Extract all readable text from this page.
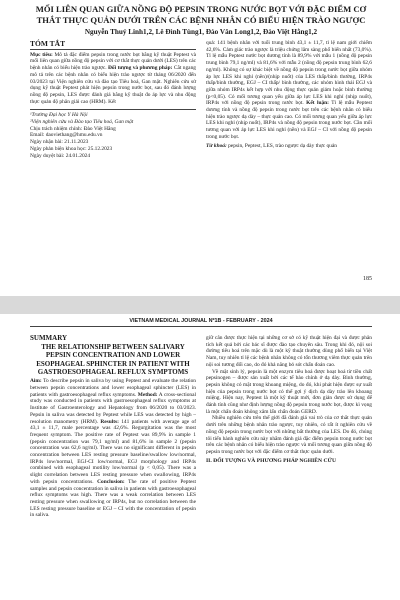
MỐI LIÊN QUAN GIỮA NỒNG ĐỘ PEPSIN TRONG NƯỚC BỌT VỚI ĐẶC ĐIỂM CƠ THẮT THỰC QUẢN DƯỚI TRÊN CÁC BỆNH NHÂN CÓ BIỂU HIỆN TRÀO NGƯỢC
Nguyễn Thuý Linh1,2, Lê Đình Tùng1, Đào Văn Long1,2, Đào Việt Hằng1,2
TÓM TẮT
Mục tiêu: Mô tả đặc điểm pepsin trong nước bọt bằng kỹ thuật Peptest và mối liên quan giữa nồng độ pepsin với cơ thắt thực quản dưới (LES) trên các bệnh nhân có biểu hiện trào ngược. Đối tượng và phương pháp: Cắt ngang mô tả trên các bệnh nhân có biểu hiện trào ngược từ tháng 06/2020 đến 03/2023 tại Viện nghiên cứu và đào tạo Tiêu hoá, Gan mật. Nghiên cứu sử dụng kỹ thuật Peptest phát hiện pepsin trong nước bọt, sau đó đánh lượng nồng độ pepsin, LES được đánh giá bằng kỹ thuật đo áp lực và nhu động thực quản độ phân giải cao (HRM). Kết
¹Trường Đại học Y Hà Nội
²Viện nghiên cứu và Đào tạo Tiêu hoá, Gan mật
Chịu trách nhiệm chính: Đào Việt Hằng
Email: daoviethang@hmu.edu.vn
Ngày nhận bài: 21.11.2023
Ngày phản biện khoa học: 25.12.2023
Ngày duyệt bài: 24.01.2024
quả: 141 bệnh nhân với tuổi trung bình 43,1 ± 11,7, tỉ lệ nam giới chiếm 42,6%. Cảm giác trào ngược là triệu chứng lâm sàng phổ biến nhất (73,0%). Tỉ lệ mẫu Peptest nước bọt dương tính là 89,9% với mẫu 1 (nồng độ pepsin trung bình 79,1 ng/ml) và 81,6% với mẫu 2 (nồng độ pepsin trung bình 62,6 ng/ml). Không có sự khác biệt về nồng độ pepsin trong nước bọt giữa nhóm áp lực LES khi nghỉ (nền)/(nhịp nuốt) của LES thấp/bình thường, IRP4s thấp/bình thường, EGJ – CI thấp/ bình thường, các nhóm hình thái EGJ và giữa nhóm IRP4s kết hợp với nhu động thực quản giảm hoặc bình thường (p<0,05). Có mối tương quan yếu giữa áp lực LES khi nghỉ (nhịp nuốt), IRP4s với nồng độ pepsin trong nước bọt. Kết luận: Tỉ lệ mẫu Peptest dương tính và nồng độ pepsin trong nước bọt trên các bệnh nhân có biểu hiện trào ngược dạ dày – thực quản cao. Có mối tương quan yếu giữa áp lực LES khi nghỉ (nhịp nuốt), IRP4s và nồng độ pepsin trong nước bọt. Cần mối tương quan với áp lực LES khi nghỉ (nền) và EGJ – CI với nồng độ pepsin trong nước bọt.
Từ khoá: pepsin, Peptest, LES, trào ngược dạ dày thực quản
185
VIETNAM MEDICAL JOURNAL Nº1B - FEBRUARY - 2024
SUMMARY
THE RELATIONSHIP BETWEEN SALIVARY PEPSIN CONCENTRATION AND LOWER ESOPHAGEAL SPHINCTER IN PATIENT WITH GASTROESOPHAGEAL REFLUX SYMPTOMS
Aim: To describe pepsin in saliva by using Peptest and evaluate the relation between pepsin concentrations and lower esophageal sphincter (LES) in patients with gastroesophageal reflux symptoms. Method: A cross-sectional study was conducted in patients with gastroesophageal reflux symptoms at Institute of Gastroenterology and Hepatology from 06/2020 to 03/2023. Pepsin in saliva was detected by Peptest while LES was detected by high – resolution manometry (HRM). Results: 141 patients with average age of 43,1 ± 11,7, male percentage was 42,6%. Regurgitation was the most frequent symptom. The positive rate of Peptest was 89,9% in sample 1 (pepsin concentration was 79,1 ng/ml) and 81,6% in sample 2 (pepsin concentration was 62,6 ng/ml). There was no significant different in pepsin concentration between LES resting pressure baseline/swallow low/normal, IRP4s low/normal, EGJ-CI low/normal, EGJ morphology and IRP4s combined with esophageal motility low/normal (p < 0,05). There was a slight correlation between LES resting pressure when swallowing, IRP4s with pepsin concentrations. Conclusion: The rate of positive Peptest samples and pepsin concentration in saliva in patients with gastroesophageal reflux symptoms was high. There was a weak correlation between LES resting pressure when swallowing or IRP4s, but no correlation between the LES resting pressure baseline or EGJ – CI with the concentration of pepsin in saliva.
giữ cân được thực hiện tại những cơ sở có kỹ thuật hiện đại và được phân tích kết quả bởi các bác sĩ được đào tạo chuyên sâu. Trong khi đó, nội soi đường tiêu hoá trên mặc dù là một kỹ thuật thường dùng phổ biến tại Việt Nam, tuy nhiên tỉ lệ các bệnh nhân không có tổn thương viêm thực quản trên nội soi tương đối cao, do đó khả năng bỏ sót chẩn đoán cao.
Về mặt sinh lý, pepsin là một enzym tiêu hoá được hoạt hoá từ tiền chất pepsinogen – được sản xuất bởi các tế bào chính ở dạ dày. Bình thường, pepsin không có mặt trong khoang miệng, do đó, khi phát hiện được sự xuất hiện của pepsin trong nước bọt có thể gợi ý dịch dạ dày trào lên khoang miệng. Hiện nay, Peptest là một kỹ thuật mới, đơn giản được sử dụng để đánh tính cũng như định lượng nồng độ pepsin trong nước bọt, được kì vọng là một chẩn đoán không xâm lấn chẩn đoán GERD.
Nhiều nghiên cứu trên thế giới đã đánh giá vai trò của cơ thắt thực quản dưới trên những bệnh nhân trào ngược, tuy nhiên, có rất ít nghiên cứu về nồng độ pepsin trong nước bọt với những bất thường của LES. Do đó, chúng tôi tiến hành nghiên cứu này nhằm đánh giá đặc điểm pepsin trong nước bọt trên các bệnh nhân có biểu hiện trào ngược và mối tương quan giữa nồng độ pepsin trong nước bọt với đặc điểm cơ thắt thực quản dưới.
II. ĐỐI TƯỢNG VÀ PHƯƠNG PHÁP NGHIÊN CỨU
